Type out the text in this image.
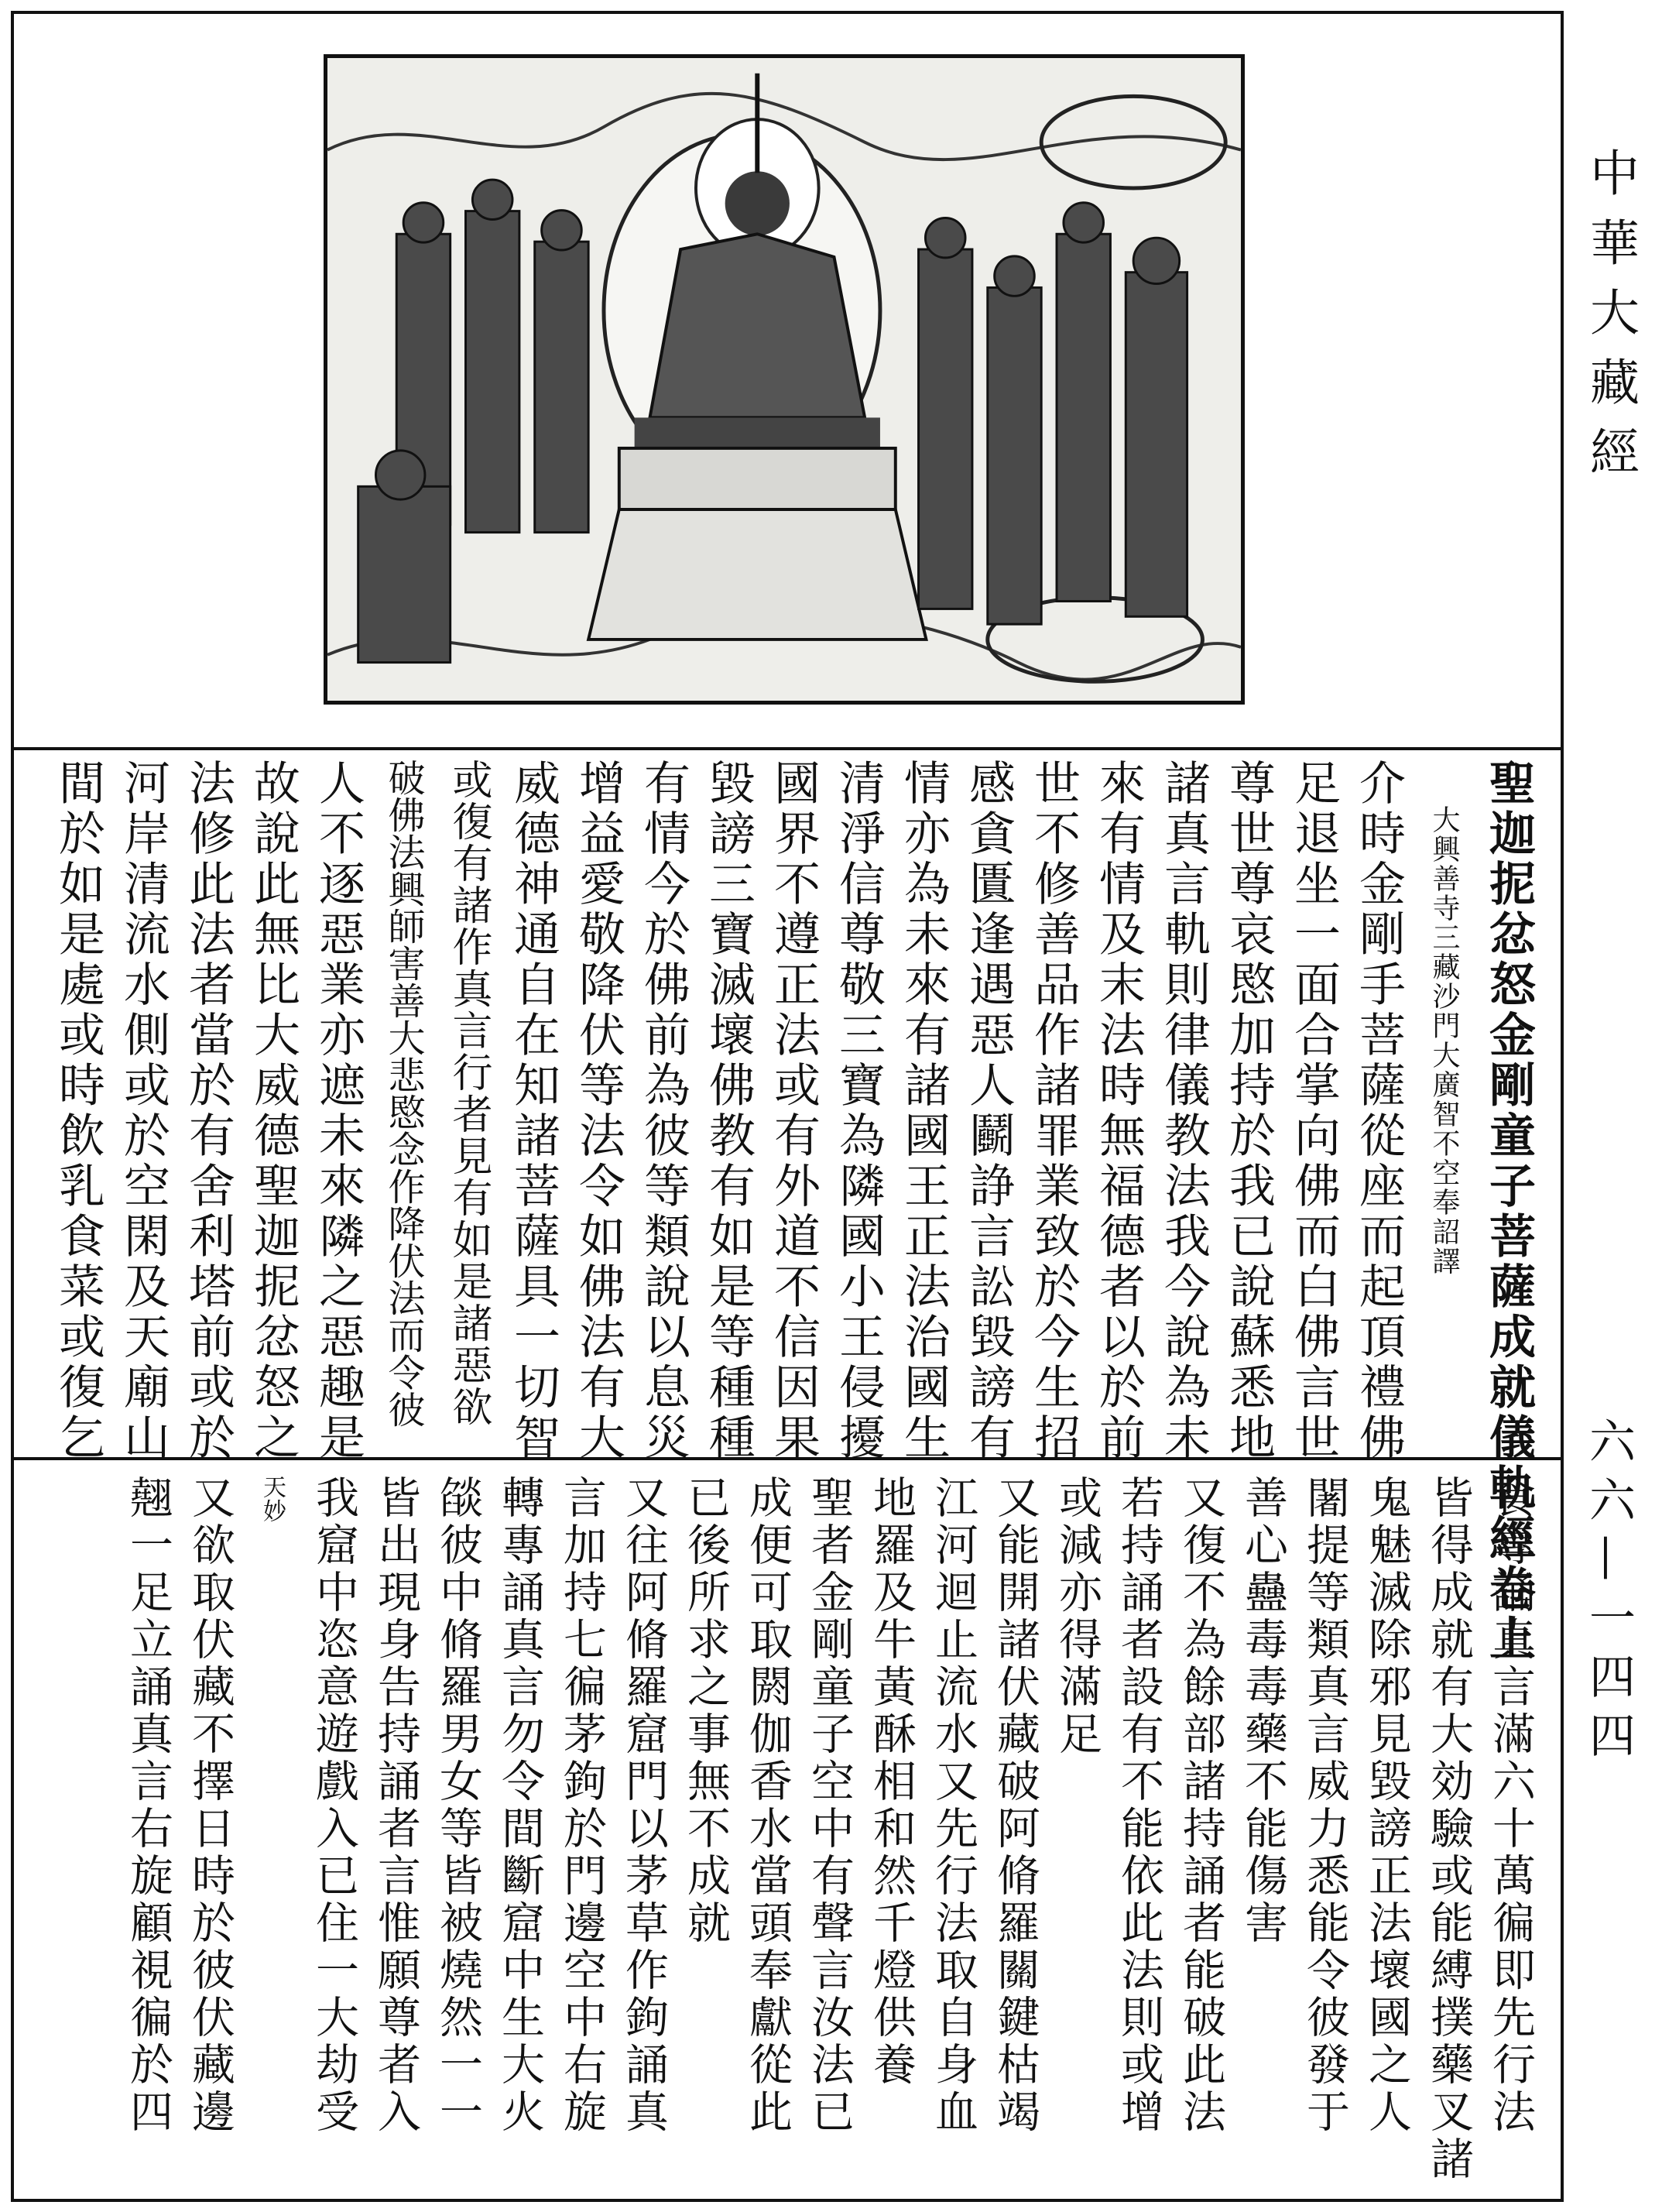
中華大藏經
六六—一四四
聖迦抳忿怒金剛童子菩薩成就儀軌經卷上
大興善寺三藏沙門大廣智不空奉詔譯
介時金剛手菩薩從座而起頂禮佛
足退坐一面合掌向佛而白佛言世
尊世尊哀愍加持於我已說蘇悉地
諸真言軌則律儀教法我今說為未
來有情及末法時無福德者以於前
世不修善品作諸罪業致於今生招
感貪匱逢遇惡人鬬諍言訟毀謗有
情亦為未來有諸國王正法治國生
清淨信尊敬三寶為隣國小王侵擾
國界不遵正法或有外道不信因果
毀謗三寶滅壞佛教有如是等種種
有情今於佛前為彼等類說以息災
增益愛敬降伏等法令如佛法有大
威德神通自在知諸菩薩具一切智
或復有諸作真言行者見有如是諸惡欲
破佛法興師害善大悲愍念作降伏法而令彼
人不逐惡業亦遮未來隣之惡趣是
故說此無比大威德聖迦抳忿怒之
法修此法者當於有舍利塔前或於
河岸清流水側或於空閑及天廟山
間於如是處或時飲乳食菜或復乞
食專誦真言滿六十萬徧即先行法
皆得成就有大効驗或能縛撲藥叉諸
鬼魅滅除邪見毀謗正法壞國之人
闍提等類真言威力悉能令彼發于
善心蠱毒毒藥不能傷害
又復不為餘部諸持誦者能破此法
若持誦者設有不能依此法則或增
或減亦得滿足
又能開諸伏藏破阿脩羅關鍵枯竭
江河迴止流水又先行法取自身血
地羅及牛黃酥相和然千燈供養
聖者金剛童子空中有聲言汝法已
成便可取閼伽香水當頭奉獻從此
已後所求之事無不成就
又往阿脩羅窟門以茅草作鉤誦真
言加持七徧茅鉤於門邊空中右旋
轉專誦真言勿令間斷窟中生大火
燄彼中脩羅男女等皆被燒然一一
皆出現身告持誦者言惟願尊者入
我窟中恣意遊戲入已住一大劫受
天妙
又欲取伏藏不擇日時於彼伏藏邊
翹一足立誦真言右旋顧視徧於四
